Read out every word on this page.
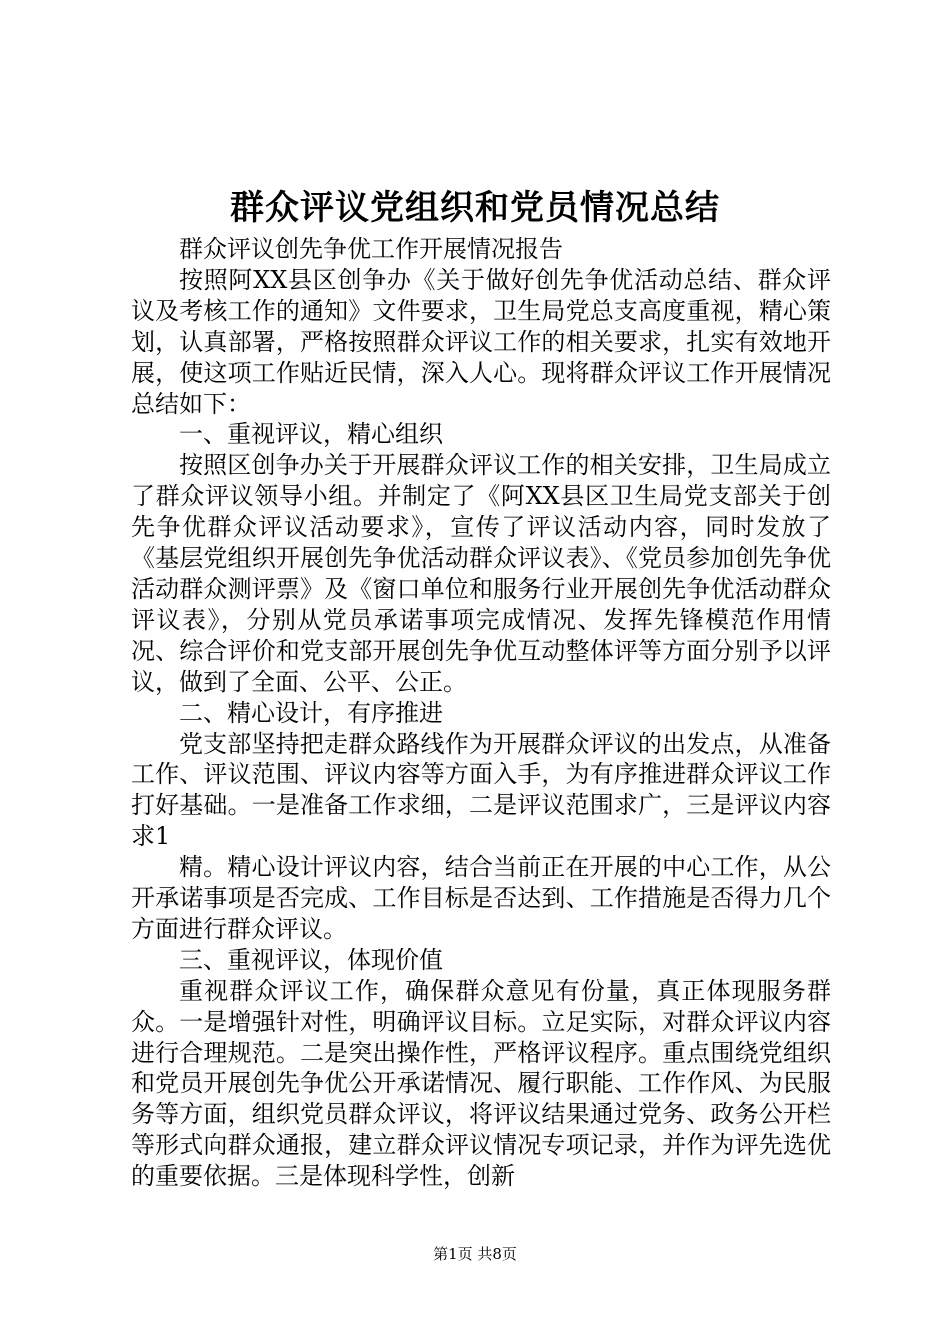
群众评议党组织和党员情况总结

群众评议创先争优工作开展情况报告

按照阿XX县区创争办《关于做好创先争优活动总结、群众评议及考核工作的通知》文件要求，卫生局党总支高度重视，精心策划，认真部署，严格按照群众评议工作的相关要求，扎实有效地开展，使这项工作贴近民情，深入人心。现将群众评议工作开展情况总结如下：

一、重视评议，精心组织

按照区创争办关于开展群众评议工作的相关安排，卫生局成立了群众评议领导小组。并制定了《阿XX县区卫生局党支部关于创先争优群众评议活动要求》，宣传了评议活动内容，同时发放了《基层党组织开展创先争优活动群众评议表》、《党员参加创先争优活动群众测评票》及《窗口单位和服务行业开展创先争优活动群众评议表》，分别从党员承诺事项完成情况、发挥先锋模范作用情况、综合评价和党支部开展创先争优互动整体评等方面分别予以评议，做到了全面、公平、公正。

二、精心设计，有序推进

党支部坚持把走群众路线作为开展群众评议的出发点，从准备工作、评议范围、评议内容等方面入手，为有序推进群众评议工作打好基础。一是准备工作求细，二是评议范围求广，三是评议内容求1

精。精心设计评议内容，结合当前正在开展的中心工作，从公开承诺事项是否完成、工作目标是否达到、工作措施是否得力几个方面进行群众评议。

三、重视评议，体现价值

重视群众评议工作，确保群众意见有份量，真正体现服务群众。一是增强针对性，明确评议目标。立足实际，对群众评议内容进行合理规范。二是突出操作性，严格评议程序。重点围绕党组织和党员开展创先争优公开承诺情况、履行职能、工作作风、为民服务等方面，组织党员群众评议，将评议结果通过党务、政务公开栏等形式向群众通报，建立群众评议情况专项记录，并作为评先选优的重要依据。三是体现科学性，创新

第1页 共8页
